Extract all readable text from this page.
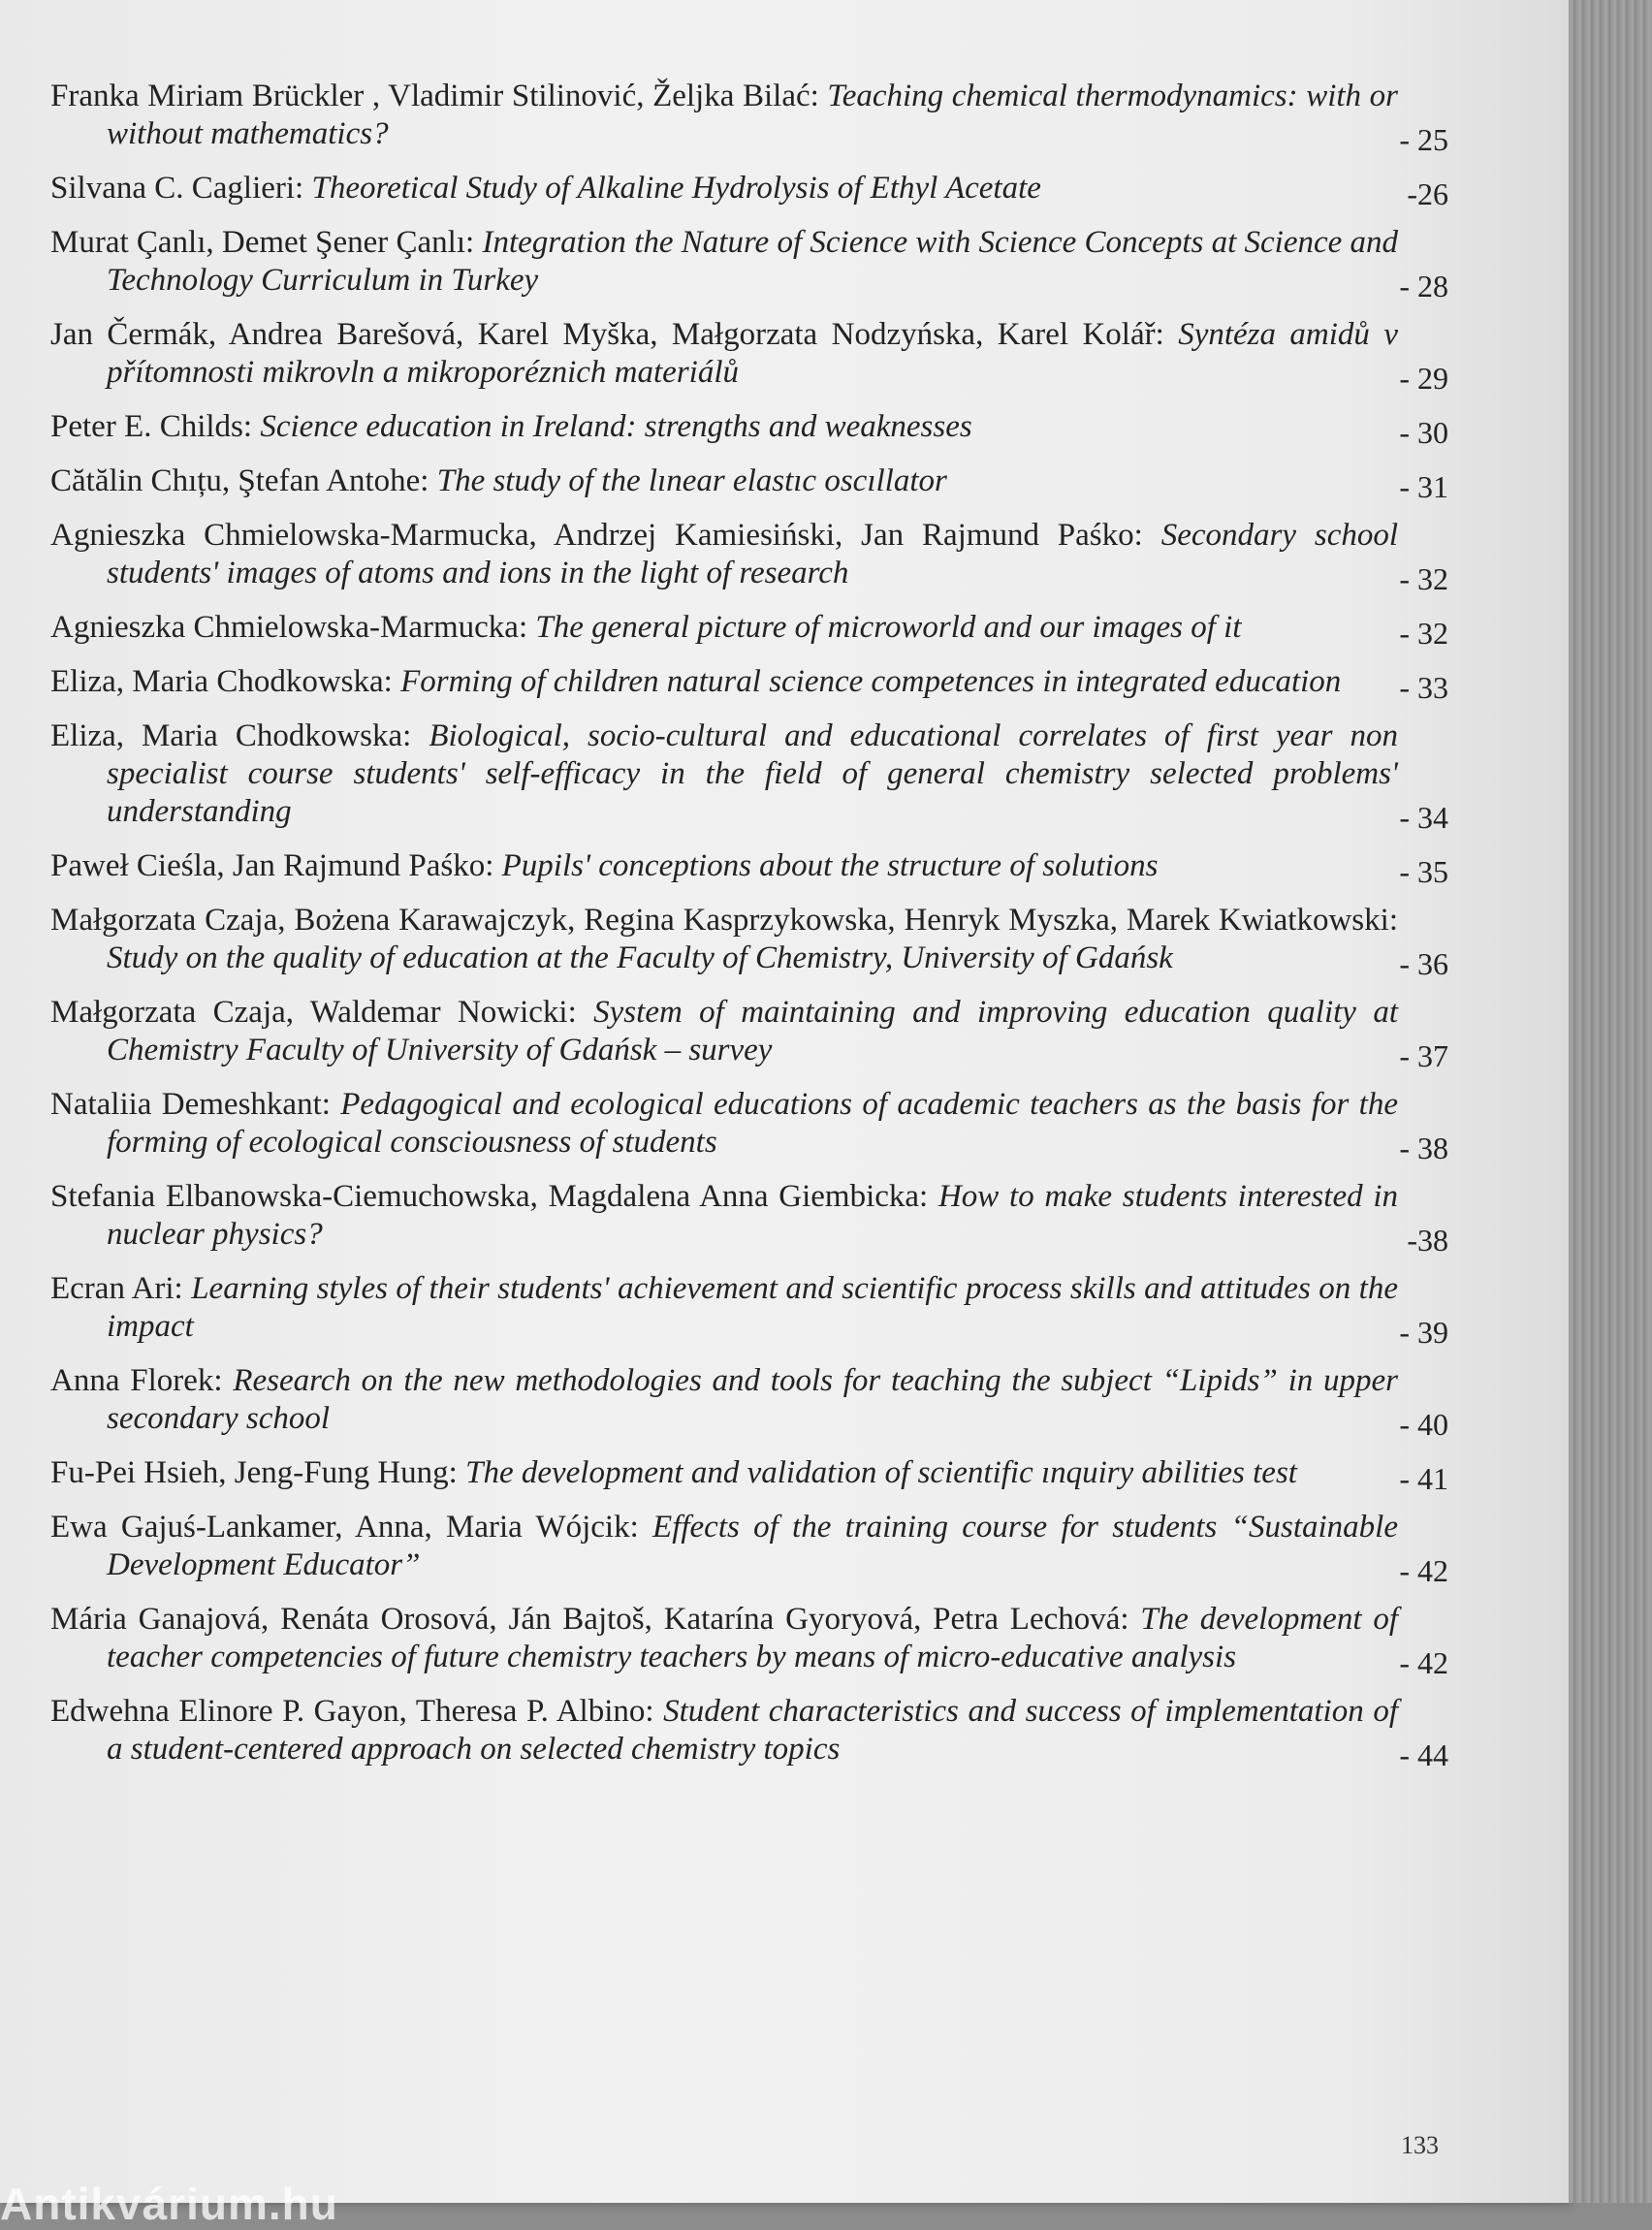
Franka Miriam Brückler , Vladimir Stilinović, Željka Bilać: Teaching chemical thermodynamics: with or without mathematics?	- 25
Silvana C. Caglieri: Theoretical Study of Alkaline Hydrolysis of Ethyl Acetate	-26
Murat Çanlı, Demet Şener Çanlı: Integration the Nature of Science with Science Concepts at Science and Technology Curriculum in Turkey	- 28
Jan Čermák, Andrea Barešová, Karel Myška, Małgorzata Nodzyńska, Karel Kolář: Syntéza amidů v přítomnosti mikrovln a mikroporéznich materiálů	- 29
Peter E. Childs: Science education in Ireland: strengths and weaknesses	- 30
Cătălin Chıțu, Ştefan Antohe: The study of the lınear elastıc oscıllator	- 31
Agnieszka Chmielowska-Marmucka, Andrzej Kamiesiński, Jan Rajmund Paśko: Secondary school students' images of atoms and ions in the light of research	- 32
Agnieszka Chmielowska-Marmucka: The general picture of microworld and our images of it	- 32
Eliza, Maria Chodkowska: Forming of children natural science competences in integrated education	- 33
Eliza, Maria Chodkowska: Biological, socio-cultural and educational correlates of first year non specialist course students' self-efficacy in the field of general chemistry selected problems' understanding	- 34
Paweł Cieśla, Jan Rajmund Paśko: Pupils' conceptions about the structure of solutions	- 35
Małgorzata Czaja, Bożena Karawajczyk, Regina Kasprzykowska, Henryk Myszka, Marek Kwiatkowski: Study on the quality of education at the Faculty of Chemistry, University of Gdańsk	- 36
Małgorzata Czaja, Waldemar Nowicki: System of maintaining and improving education quality at Chemistry Faculty of University of Gdańsk – survey	- 37
Nataliia Demeshkant: Pedagogical and ecological educations of academic teachers as the basis for the forming of ecological consciousness of students	- 38
Stefania Elbanowska-Ciemuchowska, Magdalena Anna Giembicka: How to make students interested in nuclear physics?	-38
Ecran Ari: Learning styles of their students' achievement and scientific process skills and attitudes on the impact	- 39
Anna Florek: Research on the new methodologies and tools for teaching the subject “Lipids” in upper secondary school	- 40
Fu-Pei Hsieh, Jeng-Fung Hung: The development and validation of scientific ınquiry abilities test	- 41
Ewa Gajuś-Lankamer, Anna, Maria Wójcik: Effects of the training course for students “Sustainable Development Educator”	- 42
Mária Ganajová, Renáta Orosová, Ján Bajtoš, Katarína Gyoryová, Petra Lechová: The development of teacher competencies of future chemistry teachers by means of micro-educative analysis	- 42
Edwehna Elinore P. Gayon, Theresa P. Albino: Student characteristics and success of implementation of a student-centered approach on selected chemistry topics	- 44
133
Antikvárium.hu
